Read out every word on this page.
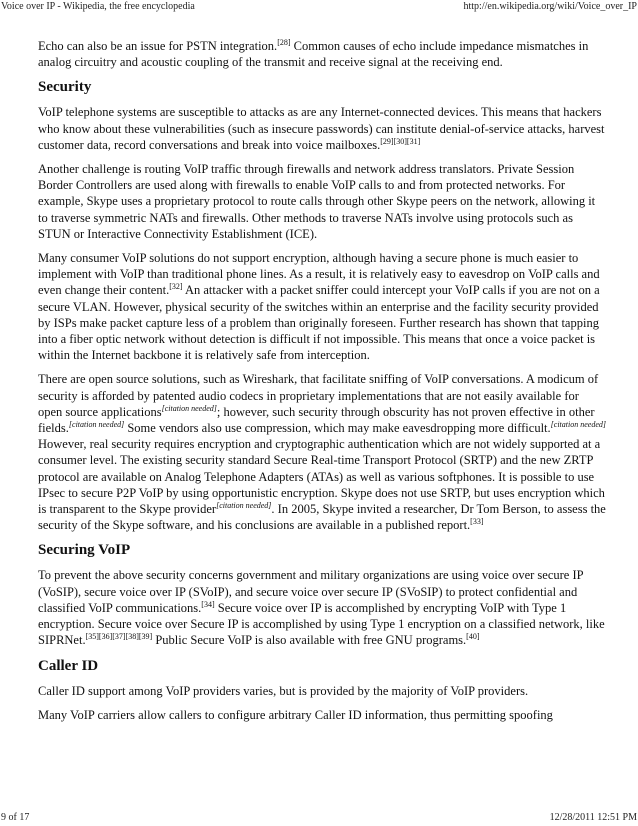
Voice over IP - Wikipedia, the free encyclopedia	http://en.wikipedia.org/wiki/Voice_over_IP

Echo can also be an issue for PSTN integration.[28] Common causes of echo include impedance mismatches in analog circuitry and acoustic coupling of the transmit and receive signal at the receiving end.

Security

VoIP telephone systems are susceptible to attacks as are any Internet-connected devices. This means that hackers who know about these vulnerabilities (such as insecure passwords) can institute denial-of-service attacks, harvest customer data, record conversations and break into voice mailboxes.[29][30][31]

Another challenge is routing VoIP traffic through firewalls and network address translators. Private Session Border Controllers are used along with firewalls to enable VoIP calls to and from protected networks. For example, Skype uses a proprietary protocol to route calls through other Skype peers on the network, allowing it to traverse symmetric NATs and firewalls. Other methods to traverse NATs involve using protocols such as STUN or Interactive Connectivity Establishment (ICE).

Many consumer VoIP solutions do not support encryption, although having a secure phone is much easier to implement with VoIP than traditional phone lines. As a result, it is relatively easy to eavesdrop on VoIP calls and even change their content.[32] An attacker with a packet sniffer could intercept your VoIP calls if you are not on a secure VLAN. However, physical security of the switches within an enterprise and the facility security provided by ISPs make packet capture less of a problem than originally foreseen. Further research has shown that tapping into a fiber optic network without detection is difficult if not impossible. This means that once a voice packet is within the Internet backbone it is relatively safe from interception.

There are open source solutions, such as Wireshark, that facilitate sniffing of VoIP conversations. A modicum of security is afforded by patented audio codecs in proprietary implementations that are not easily available for open source applications[citation needed]; however, such security through obscurity has not proven effective in other fields.[citation needed] Some vendors also use compression, which may make eavesdropping more difficult.[citation needed] However, real security requires encryption and cryptographic authentication which are not widely supported at a consumer level. The existing security standard Secure Real-time Transport Protocol (SRTP) and the new ZRTP protocol are available on Analog Telephone Adapters (ATAs) as well as various softphones. It is possible to use IPsec to secure P2P VoIP by using opportunistic encryption. Skype does not use SRTP, but uses encryption which is transparent to the Skype provider[citation needed]. In 2005, Skype invited a researcher, Dr Tom Berson, to assess the security of the Skype software, and his conclusions are available in a published report.[33]

Securing VoIP

To prevent the above security concerns government and military organizations are using voice over secure IP (VoSIP), secure voice over IP (SVoIP), and secure voice over secure IP (SVoSIP) to protect confidential and classified VoIP communications.[34] Secure voice over IP is accomplished by encrypting VoIP with Type 1 encryption. Secure voice over Secure IP is accomplished by using Type 1 encryption on a classified network, like SIPRNet.[35][36][37][38][39] Public Secure VoIP is also available with free GNU programs.[40]

Caller ID

Caller ID support among VoIP providers varies, but is provided by the majority of VoIP providers.

Many VoIP carriers allow callers to configure arbitrary Caller ID information, thus permitting spoofing

9 of 17	12/28/2011 12:51 PM
